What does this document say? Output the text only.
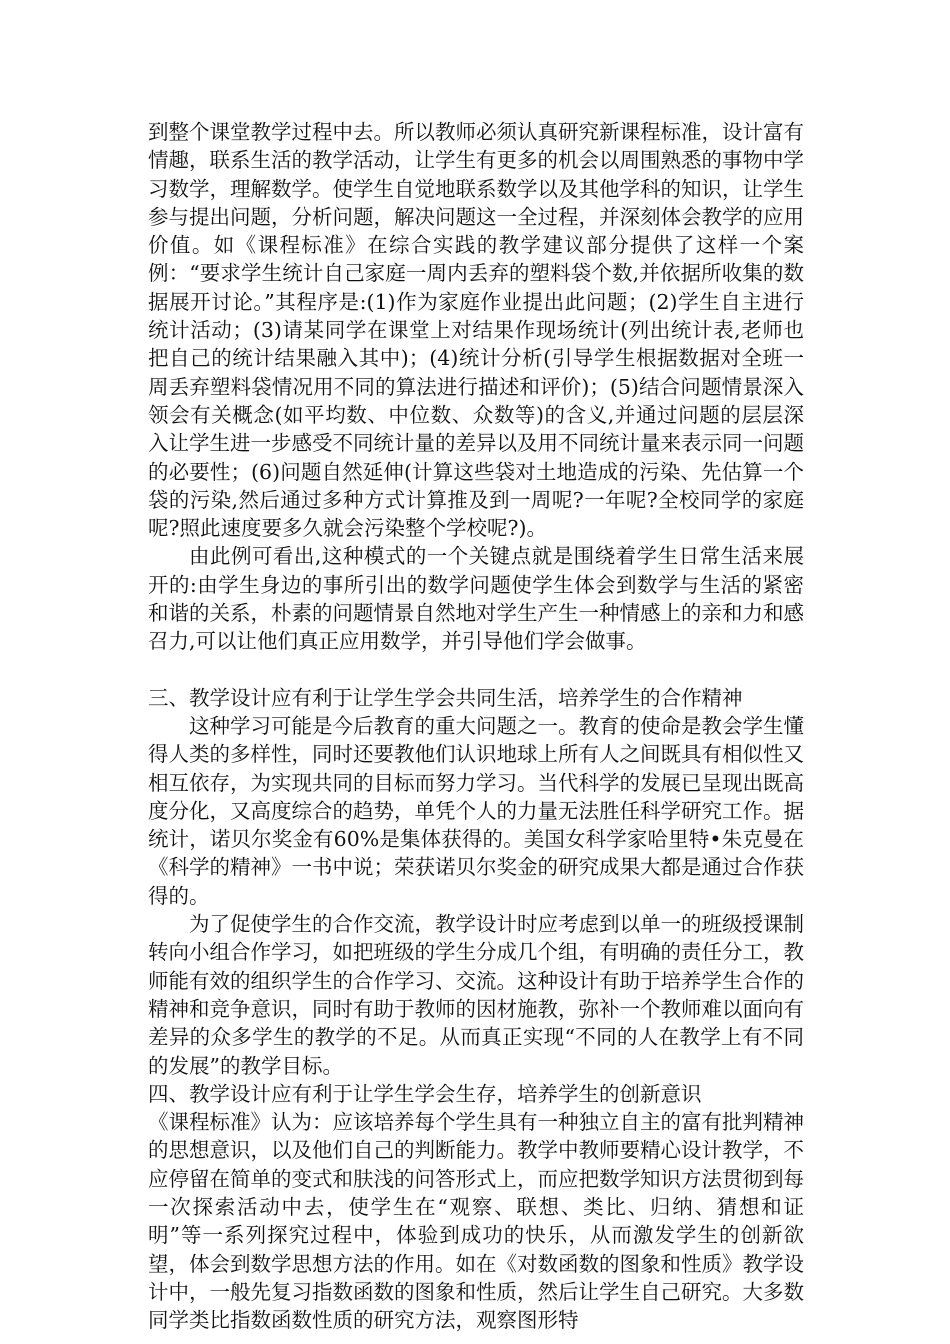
到整个课堂教学过程中去。所以教师必须认真研究新课程标准，设计富有情趣，联系生活的教学活动，让学生有更多的机会以周围熟悉的事物中学习数学，理解数学。使学生自觉地联系数学以及其他学科的知识，让学生参与提出问题，分析问题，解决问题这一全过程，并深刻体会教学的应用价值。如《课程标准》在综合实践的教学建议部分提供了这样一个案例：“要求学生统计自己家庭一周内丢弃的塑料袋个数,并依据所收集的数据展开讨论。”其程序是:(1)作为家庭作业提出此问题；(2)学生自主进行统计活动；(3)请某同学在课堂上对结果作现场统计(列出统计表,老师也把自己的统计结果融入其中)；(4)统计分析(引导学生根据数据对全班一周丢弃塑料袋情况用不同的算法进行描述和评价)；(5)结合问题情景深入领会有关概念(如平均数、中位数、众数等)的含义,并通过问题的层层深入让学生进一步感受不同统计量的差异以及用不同统计量来表示同一问题的必要性；(6)问题自然延伸(计算这些袋对土地造成的污染、先估算一个袋的污染,然后通过多种方式计算推及到一周呢?一年呢?全校同学的家庭呢?照此速度要多久就会污染整个学校呢?)。

由此例可看出,这种模式的一个关键点就是围绕着学生日常生活来展开的:由学生身边的事所引出的数学问题使学生体会到数学与生活的紧密和谐的关系，朴素的问题情景自然地对学生产生一种情感上的亲和力和感召力,可以让他们真正应用数学，并引导他们学会做事。

三、教学设计应有利于让学生学会共同生活，培养学生的合作精神

这种学习可能是今后教育的重大问题之一。教育的使命是教会学生懂得人类的多样性，同时还要教他们认识地球上所有人之间既具有相似性又相互依存，为实现共同的目标而努力学习。当代科学的发展已呈现出既高度分化，又高度综合的趋势，单凭个人的力量无法胜任科学研究工作。据统计，诺贝尔奖金有60%是集体获得的。美国女科学家哈里特•朱克曼在《科学的精神》一书中说；荣获诺贝尔奖金的研究成果大都是通过合作获得的。

为了促使学生的合作交流，教学设计时应考虑到以单一的班级授课制转向小组合作学习，如把班级的学生分成几个组，有明确的责任分工，教师能有效的组织学生的合作学习、交流。这种设计有助于培养学生合作的精神和竞争意识，同时有助于教师的因材施教，弥补一个教师难以面向有差异的众多学生的教学的不足。从而真正实现“不同的人在教学上有不同的发展”的教学目标。

四、教学设计应有利于让学生学会生存，培养学生的创新意识

《课程标准》认为：应该培养每个学生具有一种独立自主的富有批判精神的思想意识，以及他们自己的判断能力。教学中教师要精心设计教学，不应停留在简单的变式和肤浅的问答形式上，而应把数学知识方法贯彻到每一次探索活动中去，使学生在“观察、联想、类比、归纳、猜想和证明”等一系列探究过程中，体验到成功的快乐，从而激发学生的创新欲望，体会到数学思想方法的作用。如在《对数函数的图象和性质》教学设计中，一般先复习指数函数的图象和性质，然后让学生自己研究。大多数同学类比指数函数性质的研究方法，观察图形特
